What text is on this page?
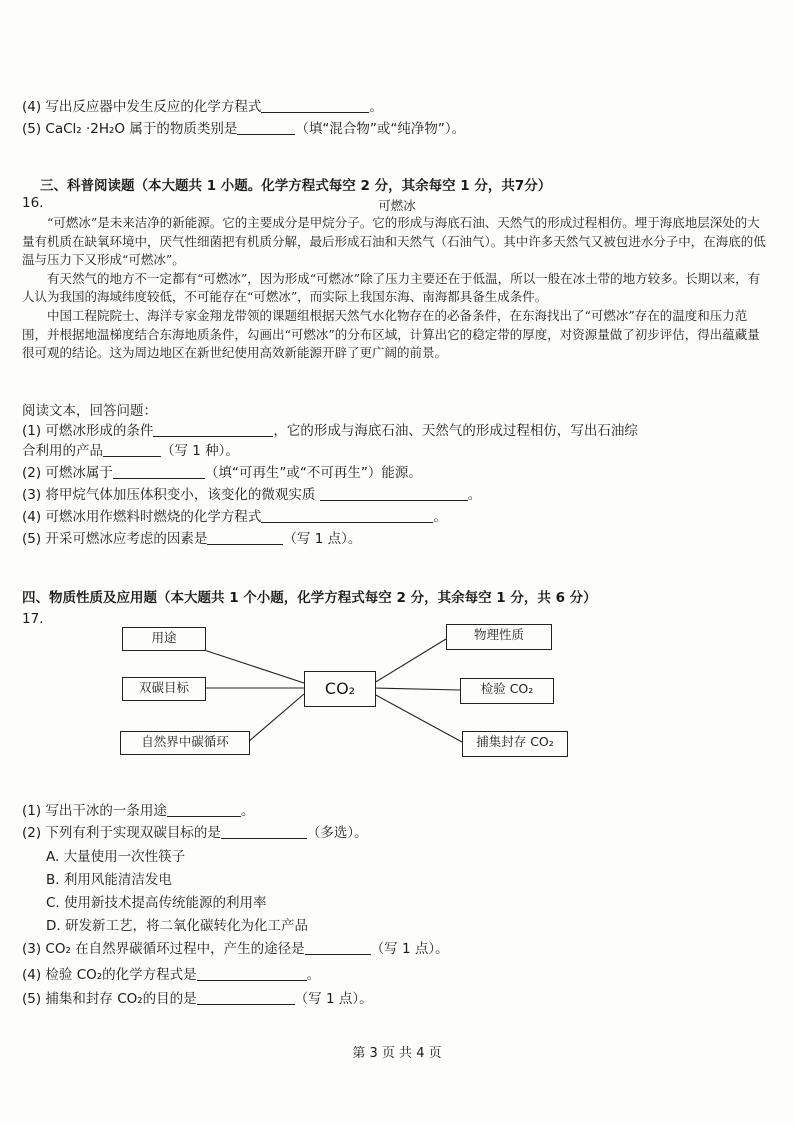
(4) 写出反应器中发生反应的化学方程式	。
(5) CaCl₂ ·2H₂O 属于的物质类别是	（填“混合物”或“纯净物”）。
三、科普阅读题（本大题共 1 小题。化学方程式每空 2 分，其余每空 1 分，共7分）
16.	可燃冰

“可燃冰”是未来洁净的新能源。它的主要成分是甲烷分子。它的形成与海底石油、天然气的形成过程相仿。埋于海底地层深处的大量有机质在缺氧环境中，厌气性细菌把有机质分解，最后形成石油和天然气（石油气）。其中许多天然气又被包进水分子中，在海底的低温与压力下又形成“可燃冰”。

有天然气的地方不一定都有“可燃冰”，因为形成“可燃冰”除了压力主要还在于低温，所以一般在冰土带的地方较多。长期以来，有人认为我国的海域纬度较低，不可能存在“可燃冰”，而实际上我国东海、南海都具备生成条件。

中国工程院院士、海洋专家金翔龙带领的课题组根据天然气水化物存在的必备条件，在东海找出了“可燃冰”存在的温度和压力范围，并根据地温梯度结合东海地质条件，勾画出“可燃冰”的分布区域，计算出它的稳定带的厚度，对资源量做了初步评估，得出蕴藏量很可观的结论。这为周边地区在新世纪使用高效新能源开辟了更广阔的前景。

阅读文本，回答问题：
(1) 可燃冰形成的条件	，它的形成与海底石油、天然气的形成过程相仿，写出石油综
合利用的产品	（写 1 种）。
(2) 可燃冰属于	（填“可再生”或“不可再生”）能源。
(3) 将甲烷气体加压体积变小，该变化的微观实质	。
(4) 可燃冰用作燃料时燃烧的化学方程式	。
(5) 开采可燃冰应考虑的因素是	（写 1 点）。
四、物质性质及应用题（本大题共 1 个小题，化学方程式每空 2 分，其余每空 1 分，共 6 分）
17.
用途
双碳目标
自然界中碳循环
CO₂
物理性质
检验 CO₂
捕集封存 CO₂
(1) 写出干冰的一条用途	。
(2) 下列有利于实现双碳目标的是	（多选）。
A. 大量使用一次性筷子
B. 利用风能清洁发电
C. 使用新技术提高传统能源的利用率
D. 研发新工艺，将二氧化碳转化为化工产品
(3) CO₂ 在自然界碳循环过程中，产生的途径是	（写 1 点）。
(4) 检验 CO₂的化学方程式是	。
(5) 捕集和封存 CO₂的目的是	（写 1 点）。
第 3 页 共 4 页
